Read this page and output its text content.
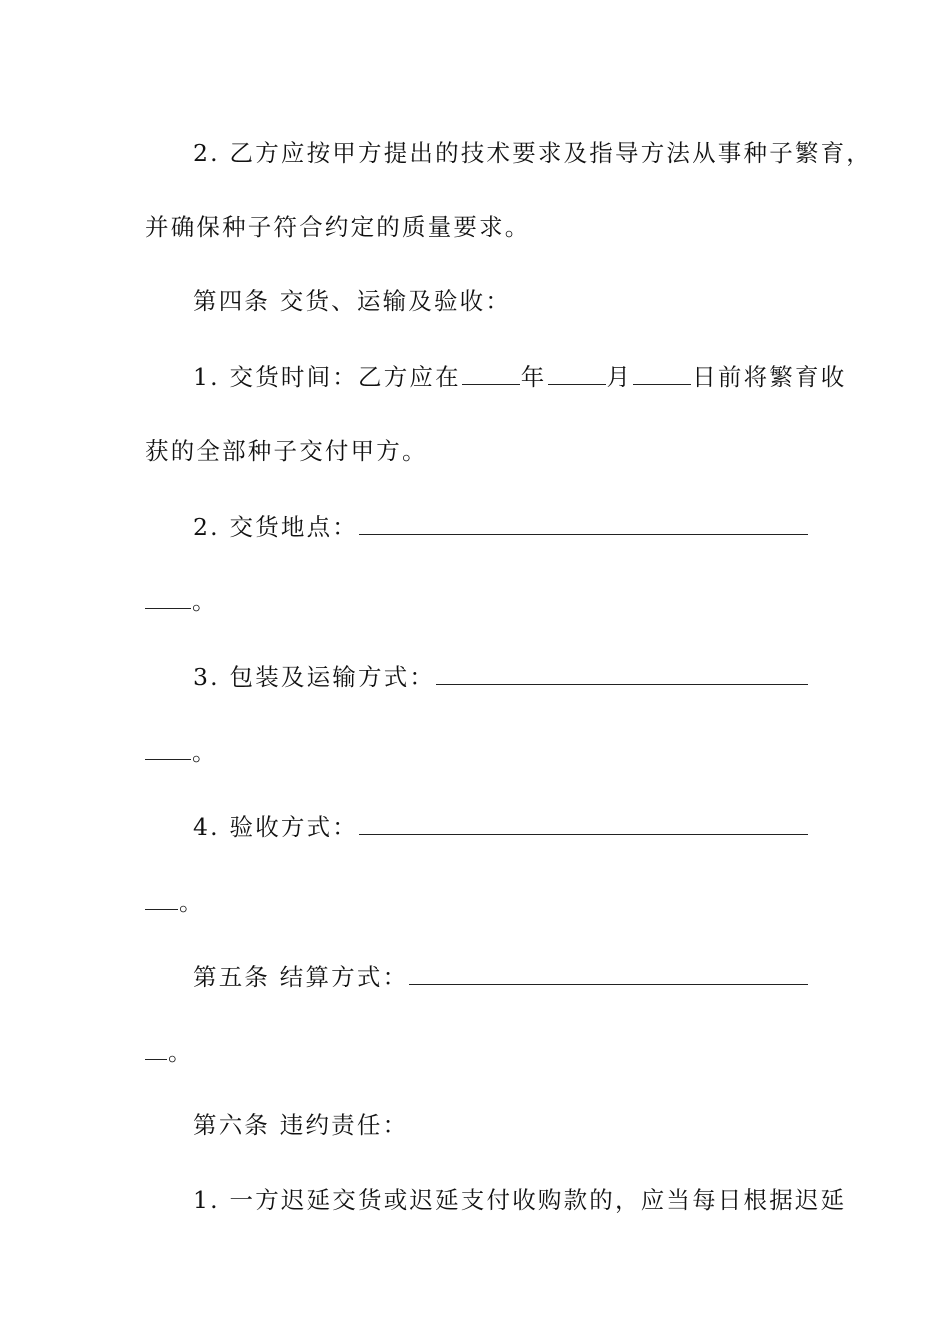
2. 乙方应按甲方提出的技术要求及指导方法从事种子繁育，
并确保种子符合约定的质量要求。
第四条 交货、运输及验收：
1. 交货时间：乙方应在	年	月	日前将繁育收
获的全部种子交付甲方。
2. 交货地点：
。
3. 包装及运输方式：
。
4. 验收方式：
。
第五条 结算方式：
。
第六条 违约责任：
1. 一方迟延交货或迟延支付收购款的，应当每日根据迟延
